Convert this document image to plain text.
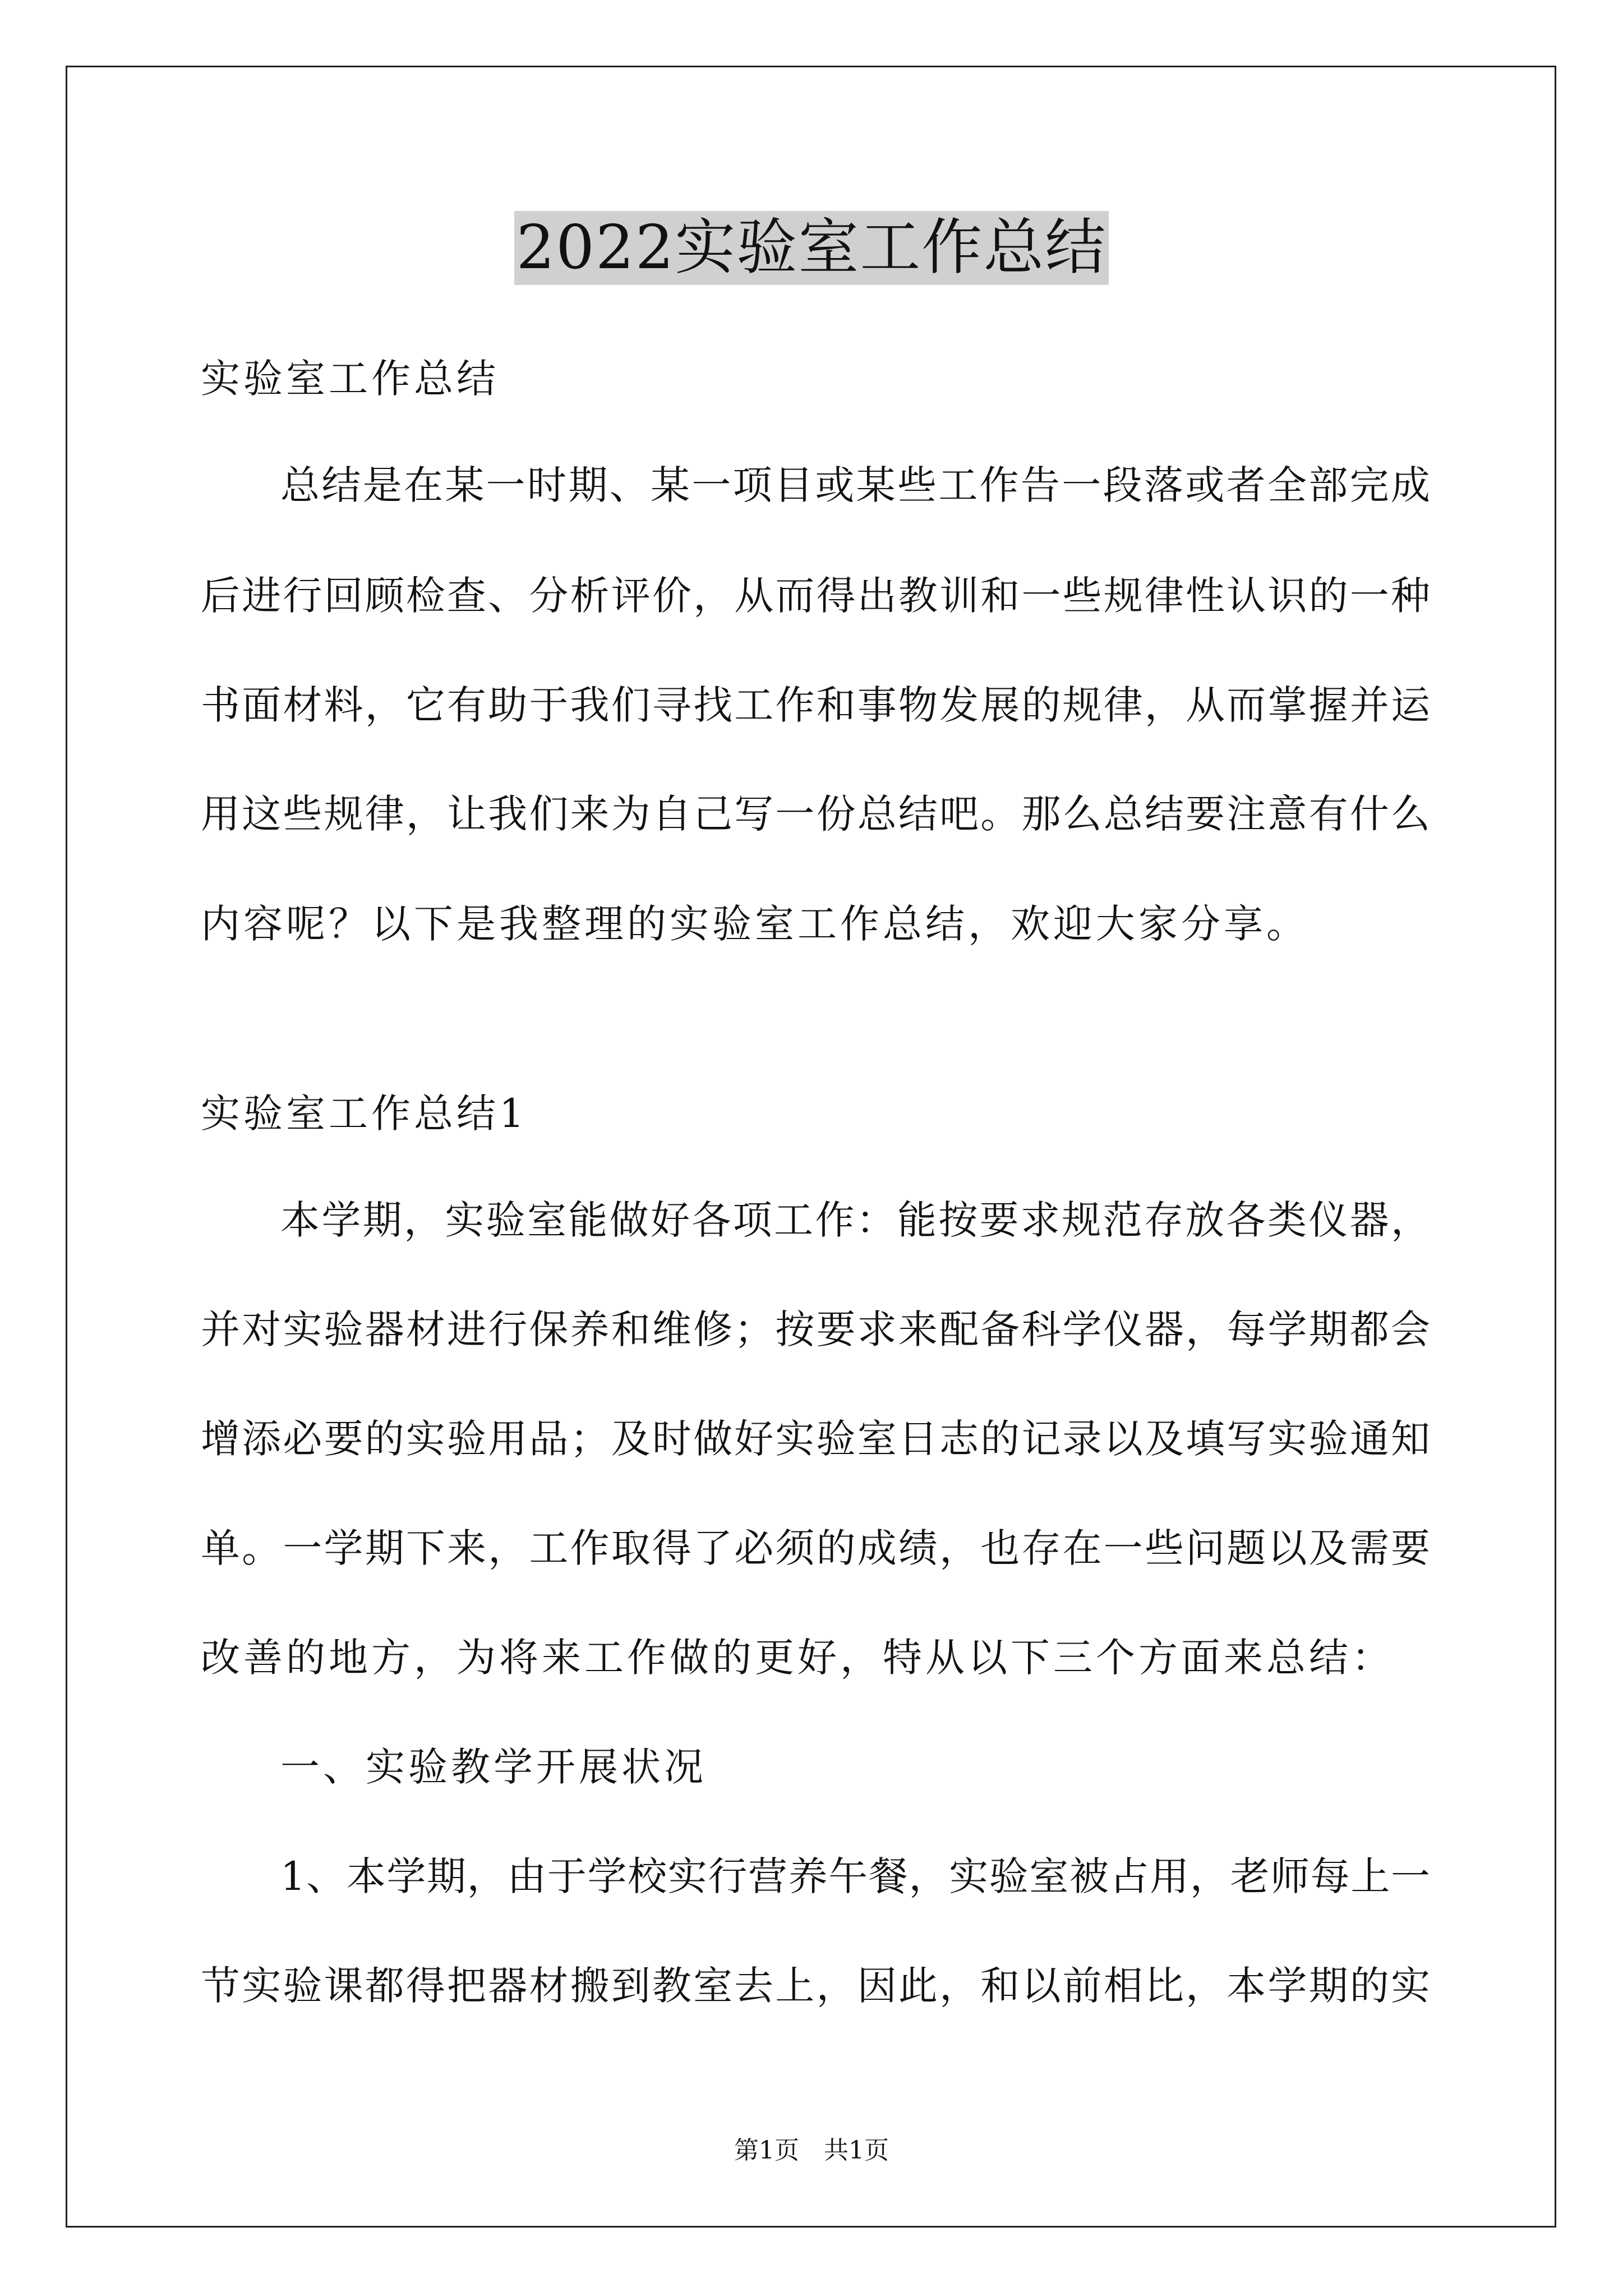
2022实验室工作总结
实验室工作总结
总结是在某一时期、某一项目或某些工作告一段落或者全部完成
后进行回顾检查、分析评价，从而得出教训和一些规律性认识的一种
书面材料，它有助于我们寻找工作和事物发展的规律，从而掌握并运
用这些规律，让我们来为自己写一份总结吧。那么总结要注意有什么
内容呢？以下是我整理的实验室工作总结，欢迎大家分享。
实验室工作总结1
本学期，实验室能做好各项工作：能按要求规范存放各类仪器，
并对实验器材进行保养和维修；按要求来配备科学仪器，每学期都会
增添必要的实验用品；及时做好实验室日志的记录以及填写实验通知
单。一学期下来，工作取得了必须的成绩，也存在一些问题以及需要
改善的地方，为将来工作做的更好，特从以下三个方面来总结：
一、实验教学开展状况
1、本学期，由于学校实行营养午餐，实验室被占用，老师每上一
节实验课都得把器材搬到教室去上，因此，和以前相比，本学期的实
第1页　共1页
